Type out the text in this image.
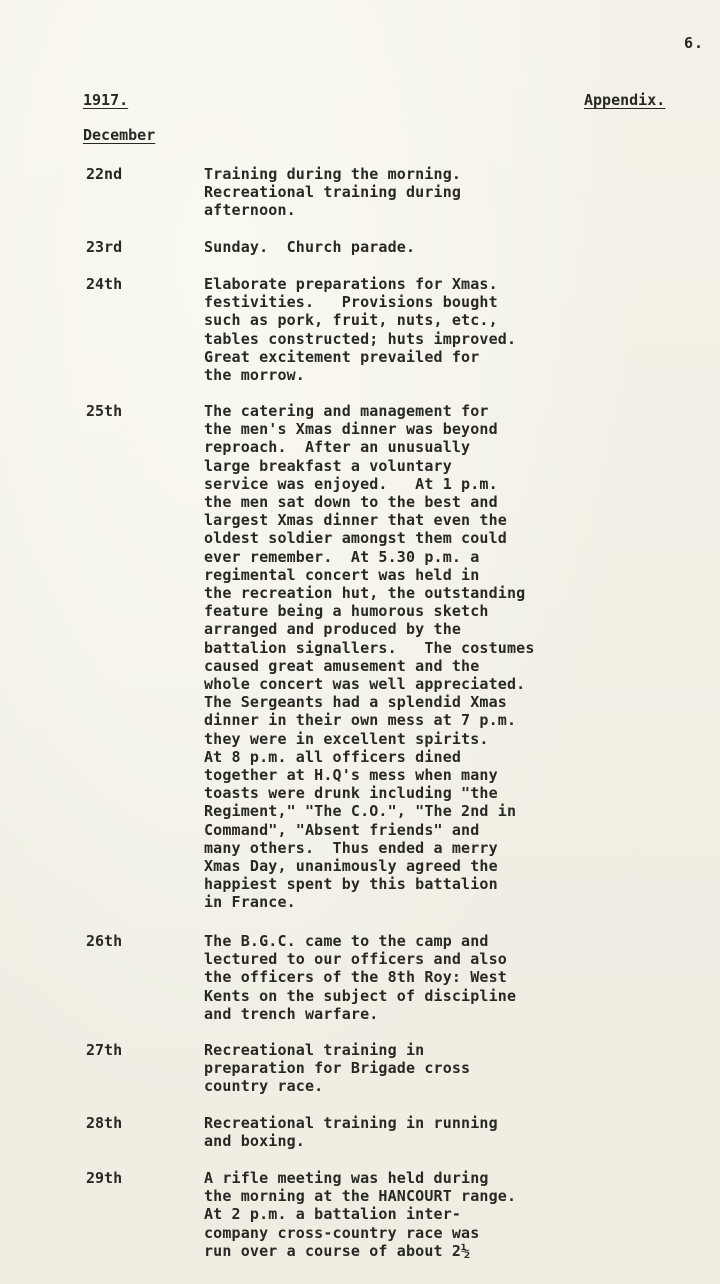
6.
1917.	Appendix.
December
22nd	Training during the morning.
Recreational training during
afternoon.
23rd	Sunday.  Church parade.
24th	Elaborate preparations for Xmas.
festivities.   Provisions bought
such as pork, fruit, nuts, etc.,
tables constructed; huts improved.
Great excitement prevailed for
the morrow.
25th	The catering and management for
the men's Xmas dinner was beyond
reproach.  After an unusually
large breakfast a voluntary
service was enjoyed.   At 1 p.m.
the men sat down to the best and
largest Xmas dinner that even the
oldest soldier amongst them could
ever remember.  At 5.30 p.m. a
regimental concert was held in
the recreation hut, the outstanding
feature being a humorous sketch
arranged and produced by the
battalion signallers.   The costumes
caused great amusement and the
whole concert was well appreciated.
The Sergeants had a splendid Xmas
dinner in their own mess at 7 p.m.
they were in excellent spirits.
At 8 p.m. all officers dined
together at H.Q's mess when many
toasts were drunk including "the
Regiment," "The C.O.", "The 2nd in
Command", "Absent friends" and
many others.  Thus ended a merry
Xmas Day, unanimously agreed the
happiest spent by this battalion
in France.
26th	The B.G.C. came to the camp and
lectured to our officers and also
the officers of the 8th Roy: West
Kents on the subject of discipline
and trench warfare.
27th	Recreational training in
preparation for Brigade cross
country race.
28th	Recreational training in running
and boxing.
29th	A rifle meeting was held during
the morning at the HANCOURT range.
At 2 p.m. a battalion inter-
company cross-country race was
run over a course of about 2½
